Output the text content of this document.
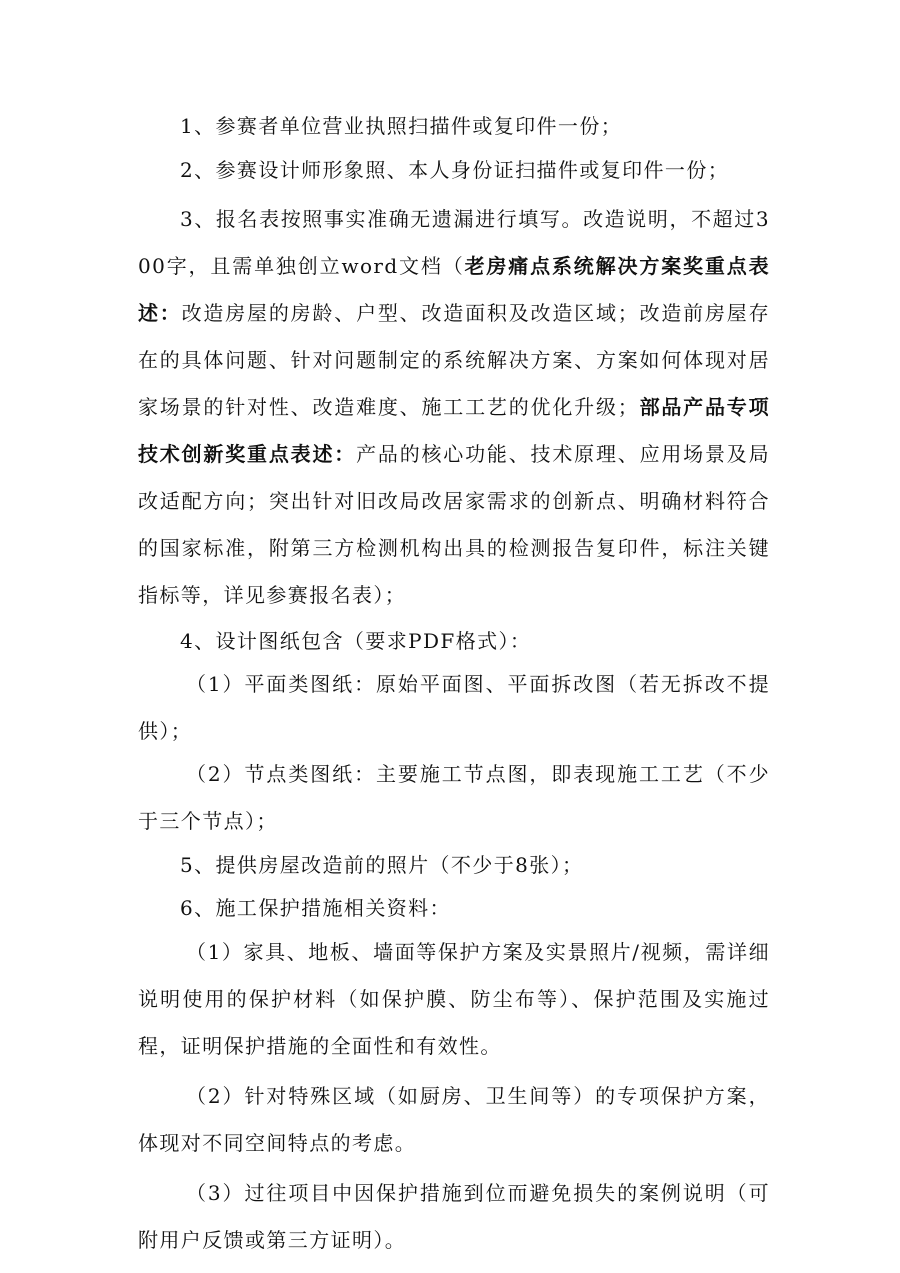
1、参赛者单位营业执照扫描件或复印件一份；

2、参赛设计师形象照、本人身份证扫描件或复印件一份；

3、报名表按照事实准确无遗漏进行填写。改造说明，不超过300字，且需单独创立word文档（老房痛点系统解决方案奖重点表述：改造房屋的房龄、户型、改造面积及改造区域；改造前房屋存在的具体问题、针对问题制定的系统解决方案、方案如何体现对居家场景的针对性、改造难度、施工工艺的优化升级；部品产品专项技术创新奖重点表述：产品的核心功能、技术原理、应用场景及局改适配方向；突出针对旧改局改居家需求的创新点、明确材料符合的国家标准，附第三方检测机构出具的检测报告复印件，标注关键指标等，详见参赛报名表）；

4、设计图纸包含（要求PDF格式）：

（1）平面类图纸：原始平面图、平面拆改图（若无拆改不提供）；

（2）节点类图纸：主要施工节点图，即表现施工工艺（不少于三个节点）；

5、提供房屋改造前的照片（不少于8张）；

6、施工保护措施相关资料：

（1）家具、地板、墙面等保护方案及实景照片/视频，需详细说明使用的保护材料（如保护膜、防尘布等）、保护范围及实施过程，证明保护措施的全面性和有效性。

（2）针对特殊区域（如厨房、卫生间等）的专项保护方案，体现对不同空间特点的考虑。

（3）过往项目中因保护措施到位而避免损失的案例说明（可附用户反馈或第三方证明）。
